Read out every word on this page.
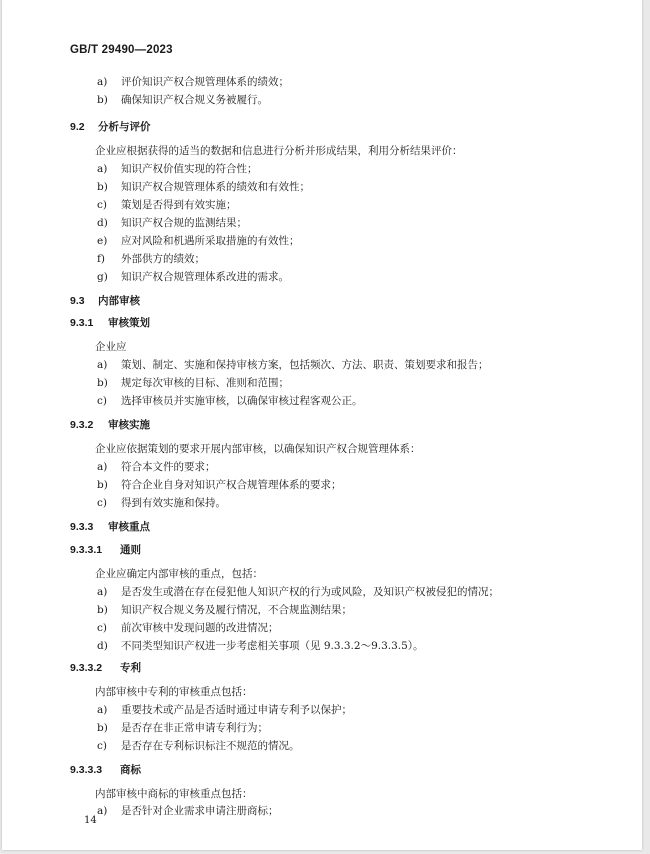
GB/T 29490—2023
a) 评价知识产权合规管理体系的绩效；
b) 确保知识产权合规义务被履行。
9.2 分析与评价
企业应根据获得的适当的数据和信息进行分析并形成结果，利用分析结果评价：
a) 知识产权价值实现的符合性；
b) 知识产权合规管理体系的绩效和有效性；
c) 策划是否得到有效实施；
d) 知识产权合规的监测结果；
e) 应对风险和机遇所采取措施的有效性；
f) 外部供方的绩效；
g) 知识产权合规管理体系改进的需求。
9.3 内部审核
9.3.1 审核策划
企业应
a) 策划、制定、实施和保持审核方案，包括频次、方法、职责、策划要求和报告；
b) 规定每次审核的目标、准则和范围；
c) 选择审核员并实施审核，以确保审核过程客观公正。
9.3.2 审核实施
企业应依据策划的要求开展内部审核，以确保知识产权合规管理体系：
a) 符合本文件的要求；
b) 符合企业自身对知识产权合规管理体系的要求；
c) 得到有效实施和保持。
9.3.3 审核重点
9.3.3.1 通则
企业应确定内部审核的重点，包括：
a) 是否发生或潜在存在侵犯他人知识产权的行为或风险，及知识产权被侵犯的情况；
b) 知识产权合规义务及履行情况，不合规监测结果；
c) 前次审核中发现问题的改进情况；
d) 不同类型知识产权进一步考虑相关事项（见 9.3.3.2～9.3.3.5）。
9.3.3.2 专利
内部审核中专利的审核重点包括：
a) 重要技术或产品是否适时通过申请专利予以保护；
b) 是否存在非正常申请专利行为；
c) 是否存在专利标识标注不规范的情况。
9.3.3.3 商标
内部审核中商标的审核重点包括：
a) 是否针对企业需求申请注册商标；
14
